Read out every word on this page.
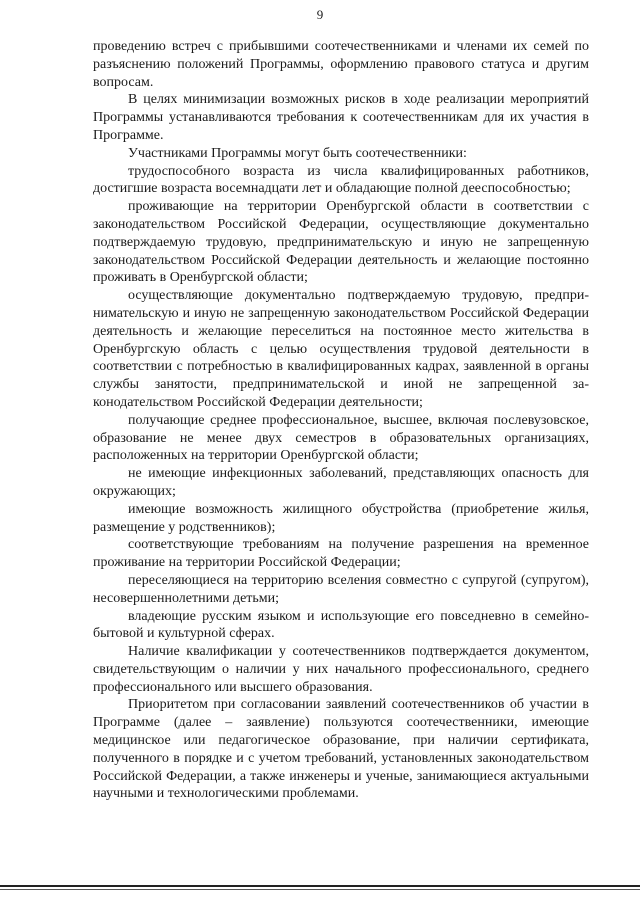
9

проведению встреч с прибывшими соотечественниками и членами их семей по разъяснению положений Программы, оформлению правового статуса и другим вопросам.

В целях минимизации возможных рисков в ходе реализации мероприятий Программы устанавливаются требования к соотечественникам для их участия в Программе.

Участниками Программы могут быть соотечественники:

трудоспособного возраста из числа квалифицированных работников, достигшие возраста восемнадцати лет и обладающие полной дееспособностью;

проживающие на территории Оренбургской области в соответствии с законодательством Российской Федерации, осуществляющие документально подтверждаемую трудовую, предпринимательскую и иную не запрещенную законодательством Российской Федерации деятельность и желающие постоянно проживать в Оренбургской области;

осуществляющие документально подтверждаемую трудовую, предпринимательскую и иную не запрещенную законодательством Российской Федерации деятельность и желающие переселиться на постоянное место жительства в Оренбургскую область с целью осуществления трудовой деятельности в соответствии с потребностью в квалифицированных кадрах, заявленной в органы службы занятости, предпринимательской и иной не запрещенной законодательством Российской Федерации деятельности;

получающие среднее профессиональное, высшее, включая послевузовское, образование не менее двух семестров в образовательных организациях, расположенных на территории Оренбургской области;

не имеющие инфекционных заболеваний, представляющих опасность для окружающих;

имеющие возможность жилищного обустройства (приобретение жилья, размещение у родственников);

соответствующие требованиям на получение разрешения на временное проживание на территории Российской Федерации;

переселяющиеся на территорию вселения совместно с супругой (супругом), несовершеннолетними детьми;

владеющие русским языком и использующие его повседневно в семейно-бытовой и культурной сферах.

Наличие квалификации у соотечественников подтверждается документом, свидетельствующим о наличии у них начального профессионального, среднего профессионального или высшего образования.

Приоритетом при согласовании заявлений соотечественников об участии в Программе (далее – заявление) пользуются соотечественники, имеющие медицинское или педагогическое образование, при наличии сертификата, полученного в порядке и с учетом требований, установленных законодательством Российской Федерации, а также инженеры и ученые, занимающиеся актуальными научными и технологическими проблемами.
